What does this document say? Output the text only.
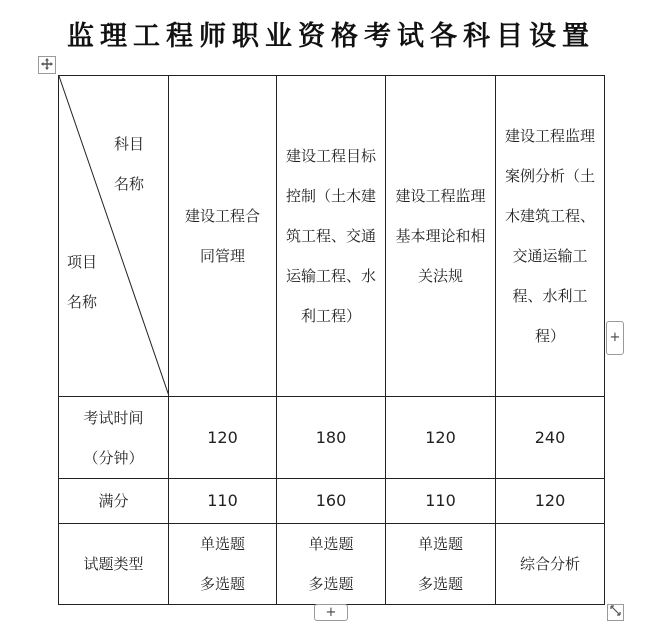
监理工程师职业资格考试各科目设置
科目
名称
项目
名称	建设工程合同管理	建设工程目标控制（土木建筑工程、交通运输工程、水利工程）	建设工程监理基本理论和相关法规	建设工程监理案例分析（土木建筑工程、交通运输工程、水利工程）
考试时间（分钟）	120	180	120	240
满分	110	160	110	120
试题类型	单选题 多选题	单选题 多选题	单选题 多选题	综合分析
+
+
